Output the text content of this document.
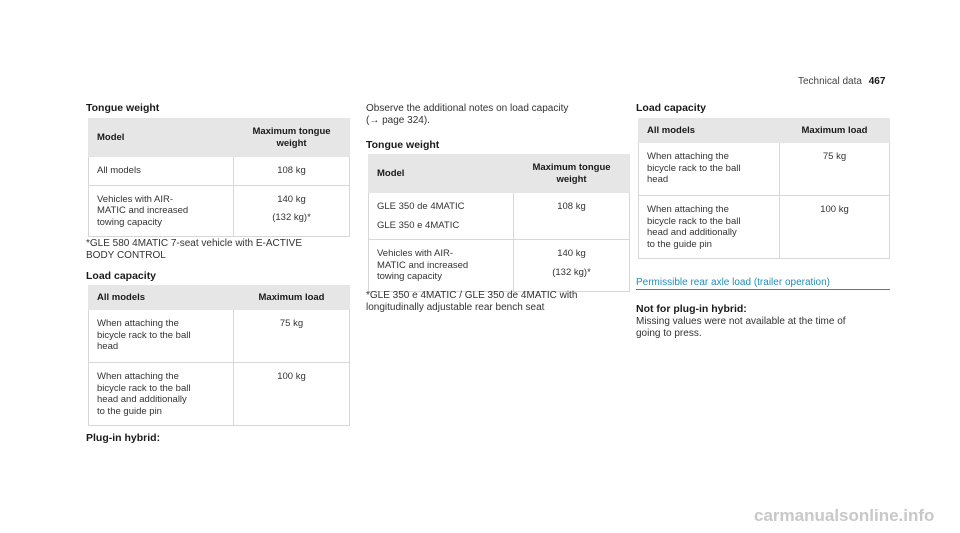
Technical data 467
Tongue weight
Model	Maximum tongue
weight

All models	108 kg

Vehicles with AIR-
MATIC and increased
towing capacity	140 kg
(132 kg)*
*GLE 580 4MATIC 7-seat vehicle with E-ACTIVE
BODY CONTROL
Load capacity
All models	Maximum load

When attaching the
bicycle rack to the ball
head	75 kg

When attaching the
bicycle rack to the ball
head and additionally
to the guide pin	100 kg
Plug-in hybrid:
Observe the additional notes on load capacity
(→ page 324).
Tongue weight
Model	Maximum tongue
weight

GLE 350 de 4MATIC
GLE 350 e 4MATIC	108 kg

Vehicles with AIR-
MATIC and increased
towing capacity	140 kg
(132 kg)*
*GLE 350 e 4MATIC / GLE 350 de 4MATIC with
longitudinally adjustable rear bench seat
Load capacity
All models	Maximum load

When attaching the
bicycle rack to the ball
head	75 kg

When attaching the
bicycle rack to the ball
head and additionally
to the guide pin	100 kg
Permissible rear axle load (trailer operation)
Not for plug-in hybrid:
Missing values were not available at the time of
going to press.
carmanualsonline.info
